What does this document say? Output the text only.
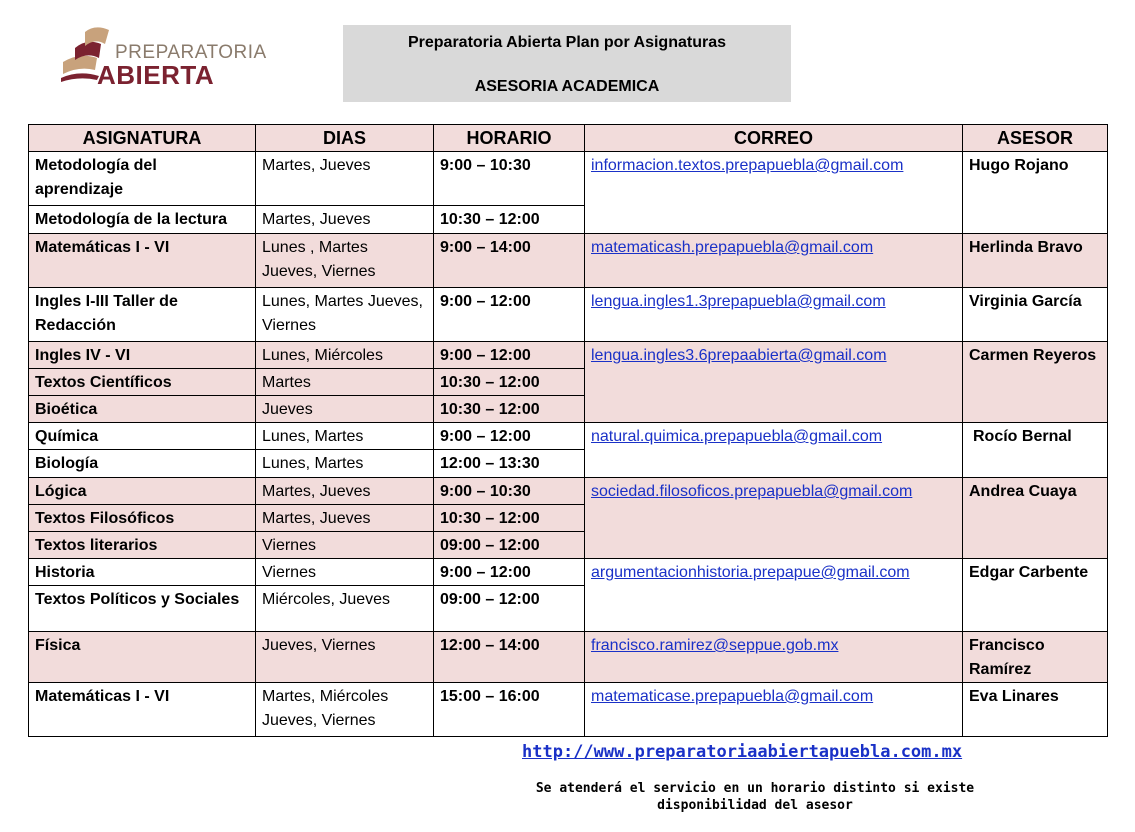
PREPARATORIA
ABIERTA
Preparatoria Abierta Plan por Asignaturas
ASESORIA ACADEMICA
ASIGNATURA	DIAS	HORARIO	CORREO	ASESOR
Metodología del aprendizaje	Martes, Jueves	9:00 – 10:30	informacion.textos.prepapuebla@gmail.com	Hugo Rojano
Metodología de la lectura	Martes, Jueves	10:30 – 12:00		
Matemáticas I - VI	Lunes , Martes Jueves, Viernes	9:00 – 14:00	matematicash.prepapuebla@gmail.com	Herlinda Bravo
Ingles I-III Taller de Redacción	Lunes, Martes Jueves, Viernes	9:00 – 12:00	lengua.ingles1.3prepapuebla@gmail.com	Virginia García
Ingles IV - VI	Lunes, Miércoles	9:00 – 12:00	lengua.ingles3.6prepaabierta@gmail.com	Carmen Reyeros
Textos Científicos	Martes	10:30 – 12:00		
Bioética	Jueves	10:30 – 12:00		
Química	Lunes, Martes	9:00 – 12:00	natural.quimica.prepapuebla@gmail.com	Rocío Bernal
Biología	Lunes, Martes	12:00 – 13:30		
Lógica	Martes, Jueves	9:00 – 10:30	sociedad.filosoficos.prepapuebla@gmail.com	Andrea Cuaya
Textos Filosóficos	Martes, Jueves	10:30 – 12:00		
Textos literarios	Viernes	09:00 – 12:00		
Historia	Viernes	9:00 – 12:00	argumentacionhistoria.prepapue@gmail.com	Edgar Carbente
Textos Políticos y Sociales	Miércoles, Jueves	09:00 – 12:00		
Física	Jueves, Viernes	12:00 – 14:00	francisco.ramirez@seppue.gob.mx	Francisco Ramírez
Matemáticas I - VI	Martes, Miércoles Jueves, Viernes	15:00 – 16:00	matematicase.prepapuebla@gmail.com	Eva Linares
http://www.preparatoriaabiertapuebla.com.mx
Se atenderá el servicio en un horario distinto si existe
disponibilidad del asesor
